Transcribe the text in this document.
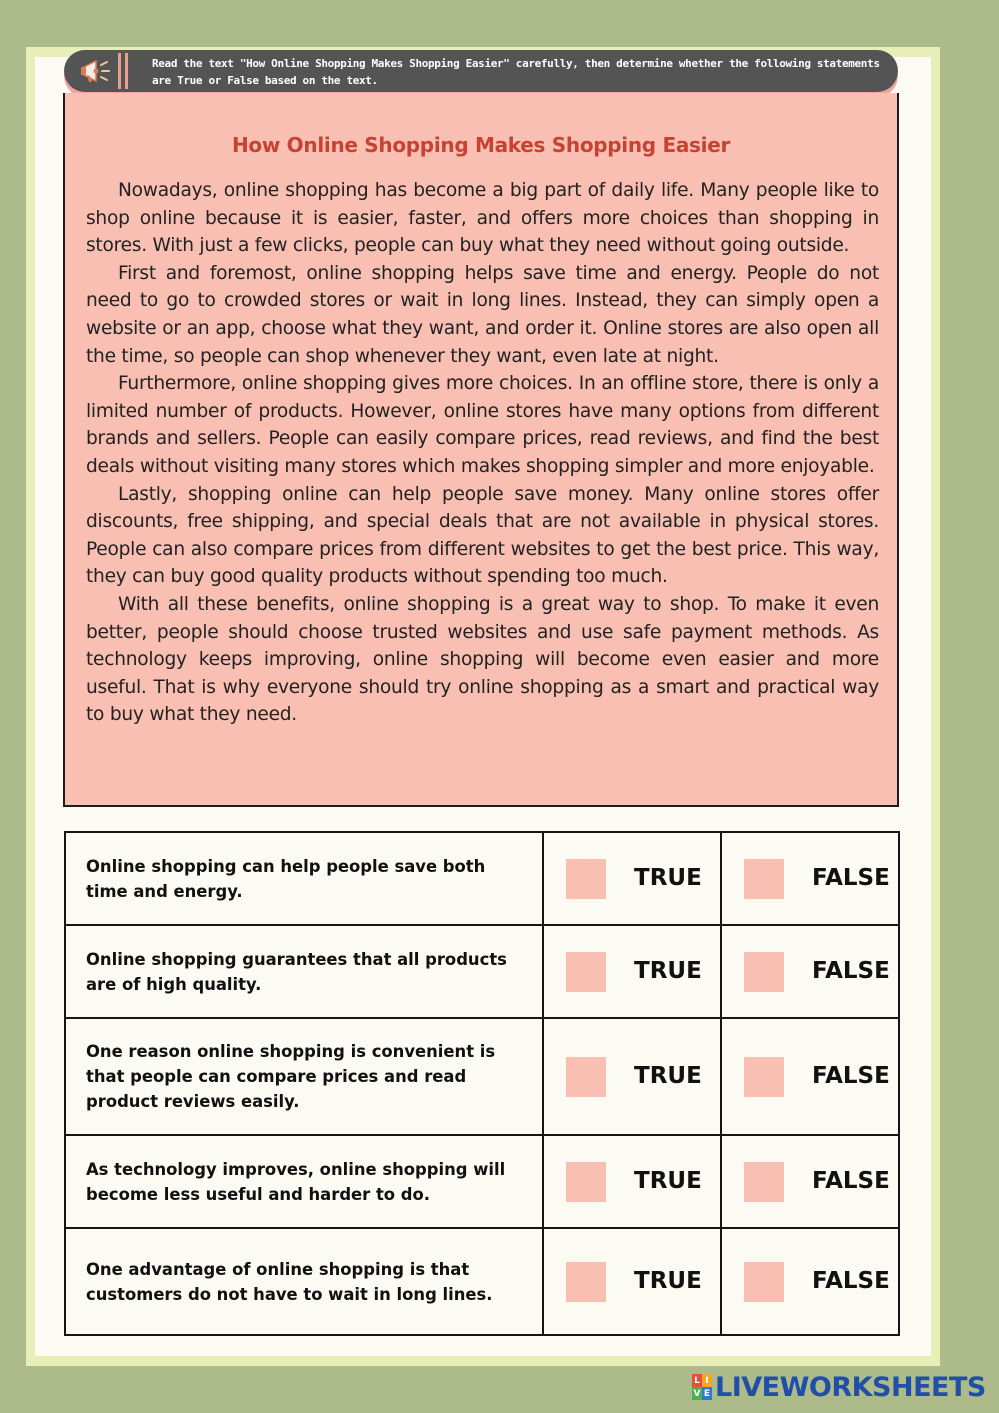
Read the text "How Online Shopping Makes Shopping Easier" carefully, then determine whether the following statements are True or False based on the text.
How Online Shopping Makes Shopping Easier

Nowadays, online shopping has become a big part of daily life. Many people like to shop online because it is easier, faster, and offers more choices than shopping in stores. With just a few clicks, people can buy what they need without going outside.

First and foremost, online shopping helps save time and energy. People do not need to go to crowded stores or wait in long lines. Instead, they can simply open a website or an app, choose what they want, and order it. Online stores are also open all the time, so people can shop whenever they want, even late at night.

Furthermore, online shopping gives more choices. In an offline store, there is only a limited number of products. However, online stores have many options from different brands and sellers. People can easily compare prices, read reviews, and find the best deals without visiting many stores which makes shopping simpler and more enjoyable.

Lastly, shopping online can help people save money. Many online stores offer discounts, free shipping, and special deals that are not available in physical stores. People can also compare prices from different websites to get the best price. This way, they can buy good quality products without spending too much.

With all these benefits, online shopping is a great way to shop. To make it even better, people should choose trusted websites and use safe payment methods. As technology keeps improving, online shopping will become even easier and more useful. That is why everyone should try online shopping as a smart and practical way to buy what they need.

Online shopping can help people save both time and energy.	TRUE	FALSE

Online shopping guarantees that all products are of high quality.	TRUE	FALSE

One reason online shopping is convenient is that people can compare prices and read product reviews easily.	TRUE	FALSE

As technology improves, online shopping will become less useful and harder to do.	TRUE	FALSE

One advantage of online shopping is that customers do not have to wait in long lines.	TRUE	FALSE
L I
V E LIVEWORKSHEETS
